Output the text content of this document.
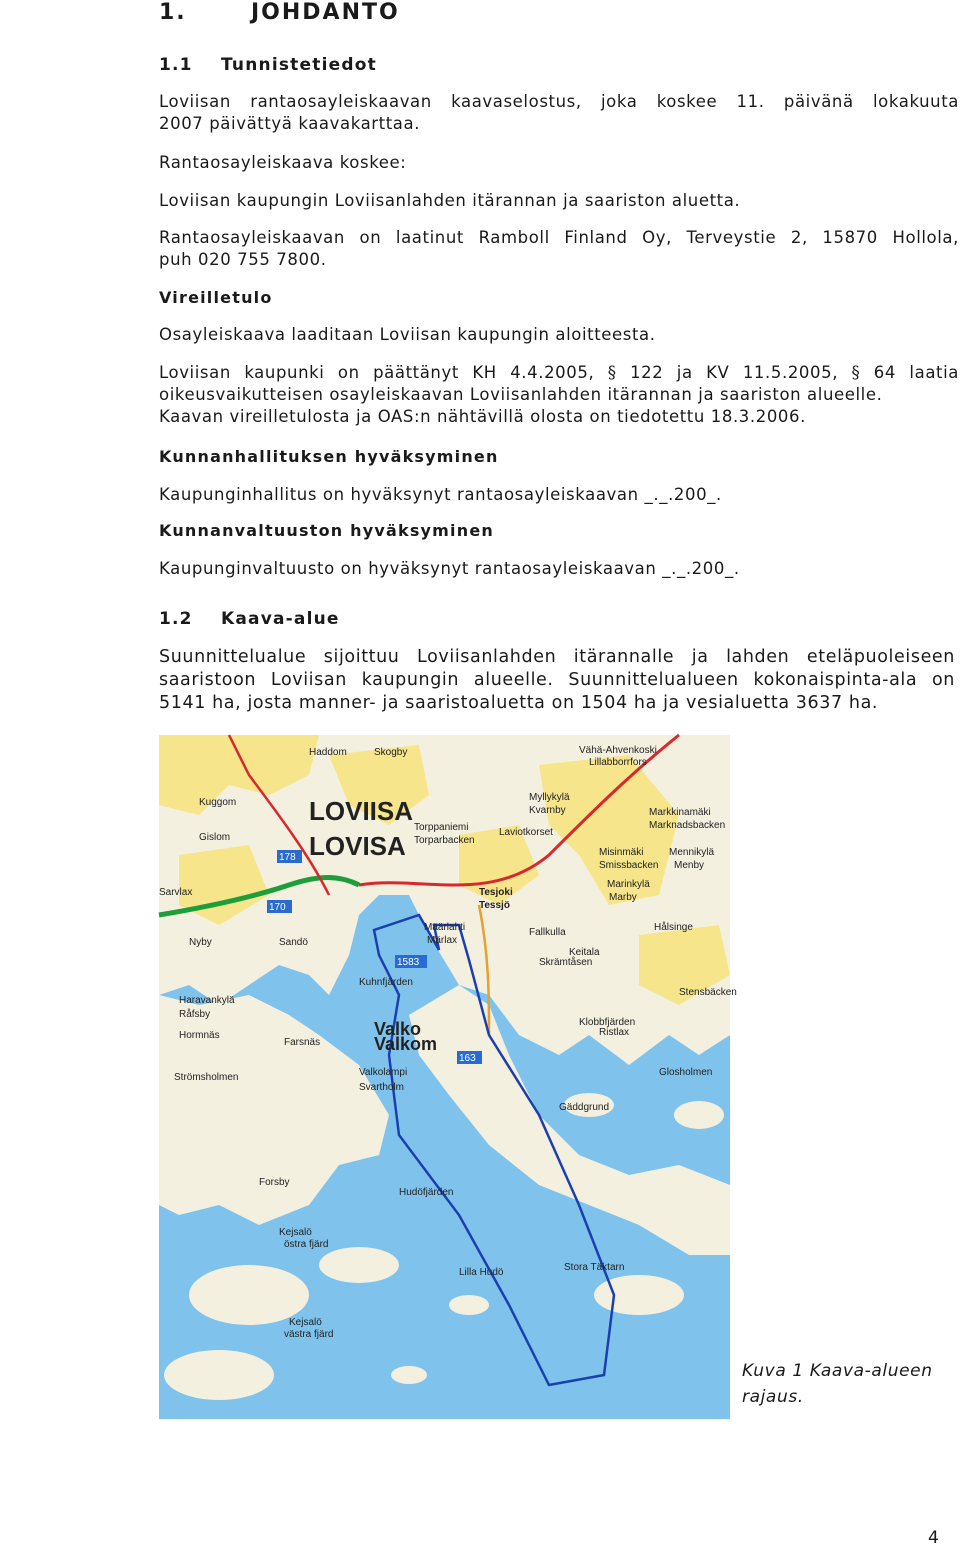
1.	JOHDANTO
1.1 Tunnistetiedot
Loviisan rantaosayleiskaavan kaavaselostus, joka koskee 11. päivänä lokakuuta
2007 päivättyä kaavakarttaa.
Rantaosayleiskaava koskee:
Loviisan kaupungin Loviisanlahden itärannan ja saariston aluetta.
Rantaosayleiskaavan on laatinut Ramboll Finland Oy, Terveystie 2, 15870 Hollola,
puh 020 755 7800.
Vireilletulo
Osayleiskaava laaditaan Loviisan kaupungin aloitteesta.
Loviisan kaupunki on päättänyt KH 4.4.2005, § 122 ja KV 11.5.2005, § 64 laatia
oikeusvaikutteisen osayleiskaavan Loviisanlahden itärannan ja saariston alueelle.
Kaavan vireilletulosta ja OAS:n nähtävillä olosta on tiedotettu 18.3.2006.
Kunnanhallituksen hyväksyminen
Kaupunginhallitus on hyväksynyt rantaosayleiskaavan _._.200_.
Kunnanvaltuuston hyväksyminen
Kaupunginvaltuusto on hyväksynyt rantaosayleiskaavan _._.200_.
1.2 Kaava-alue
Suunnittelualue sijoittuu Loviisanlahden itärannalle ja lahden eteläpuoleiseen
saaristoon Loviisan kaupungin alueelle. Suunnittelualueen kokonaispinta-ala on
5141 ha, josta manner- ja saaristoaluetta on 1504 ha ja vesialuetta 3637 ha.
LOVIISA
LOVISA
Haddom	Skogby
Kuggom
Gislom
Sarvlax
Torppaniemi
Torparbacken
Tesjoki
Tessjö
Määrlahti
Märlax
Valko
Valkom
Valkolampi
Haravankylä
Råfsby
Hormnäs
Farsnäs
Strömsholmen
Svartholm
Hudöfjärden
Kejsalö
Kejsalö
östra fjärd
västra fjärd
Stora Täktarn
Lilla Hudö
Vähä-Ahvenkoski
Lillabborrfors
Myllykylä
Kvarnby
Misinmäki
Smissbacken
Marinkylä
Marby
Markkinamäki
Marknadsbacken
Mennikylä
Menby
Keitala
Klobbfjärden
Glosholmen
Gäddgrund
Laviotkorset
Fallkulla
Skrämtåsen
Stensbäcken
Hålsinge
Ristlax
Kuhnfjärden
Forsby
Sandö
Nyby
178
1583
163
170
Kuva 1 Kaava-alueen
rajaus.
4
